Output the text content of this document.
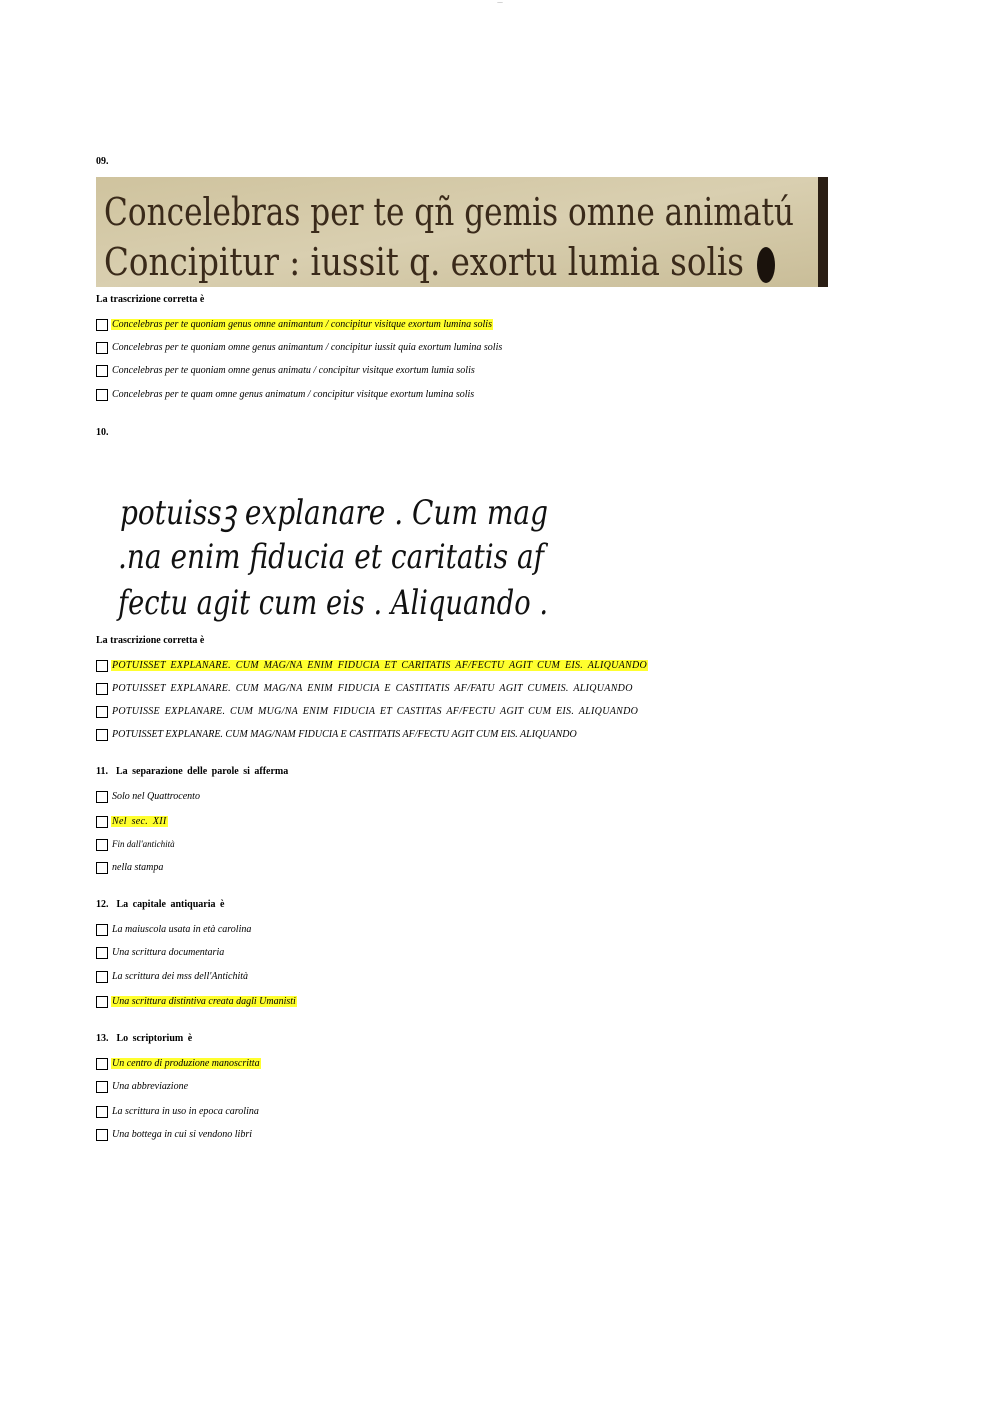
ــــــ
09.
Concelebras per te qñ gemis omne animatú
Concipitur : iussit q. exortu lumia solis
La trascrizione corretta è
Concelebras per te quoniam genus omne animantum / concipitur visitque exortum lumina solis
Concelebras per te quoniam omne genus animantum / concipitur iussit quia exortum lumina solis
Concelebras per te quoniam omne genus animatu / concipitur visitque exortum lumia solis
Concelebras per te quam omne genus animatum / concipitur visitque exortum lumina solis
10.
potuissꝫ explanare . Cum mag
.na enim fiducia et caritatis af
fectu agit cum eis . Aliquando .
La trascrizione corretta è
POTUISSET EXPLANARE. CUM MAG/NA ENIM FIDUCIA ET CARITATIS AF/FECTU AGIT CUM EIS. ALIQUANDO
POTUISSET EXPLANARE. CUM MAG/NA ENIM FIDUCIA E CASTITATIS AF/FATU AGIT CUMEIS. ALIQUANDO
POTUISSE EXPLANARE. CUM MUG/NA ENIM FIDUCIA ET CASTITAS AF/FECTU AGIT CUM EIS. ALIQUANDO
POTUISSET EXPLANARE. CUM MAG/NAM FIDUCIA E CASTITATIS AF/FECTU AGIT CUM EIS. ALIQUANDO
11. La separazione delle parole si afferma
Solo nel Quattrocento
Nel sec. XII
Fin dall'antichità
nella stampa
12. La capitale antiquaria è
La maiuscola usata in età carolina
Una scrittura documentaria
La scrittura dei mss dell'Antichità
Una scrittura distintiva creata dagli Umanisti
13. Lo scriptorium è
Un centro di produzione manoscritta
Una abbreviazione
La scrittura in uso in epoca carolina
Una bottega in cui si vendono libri
